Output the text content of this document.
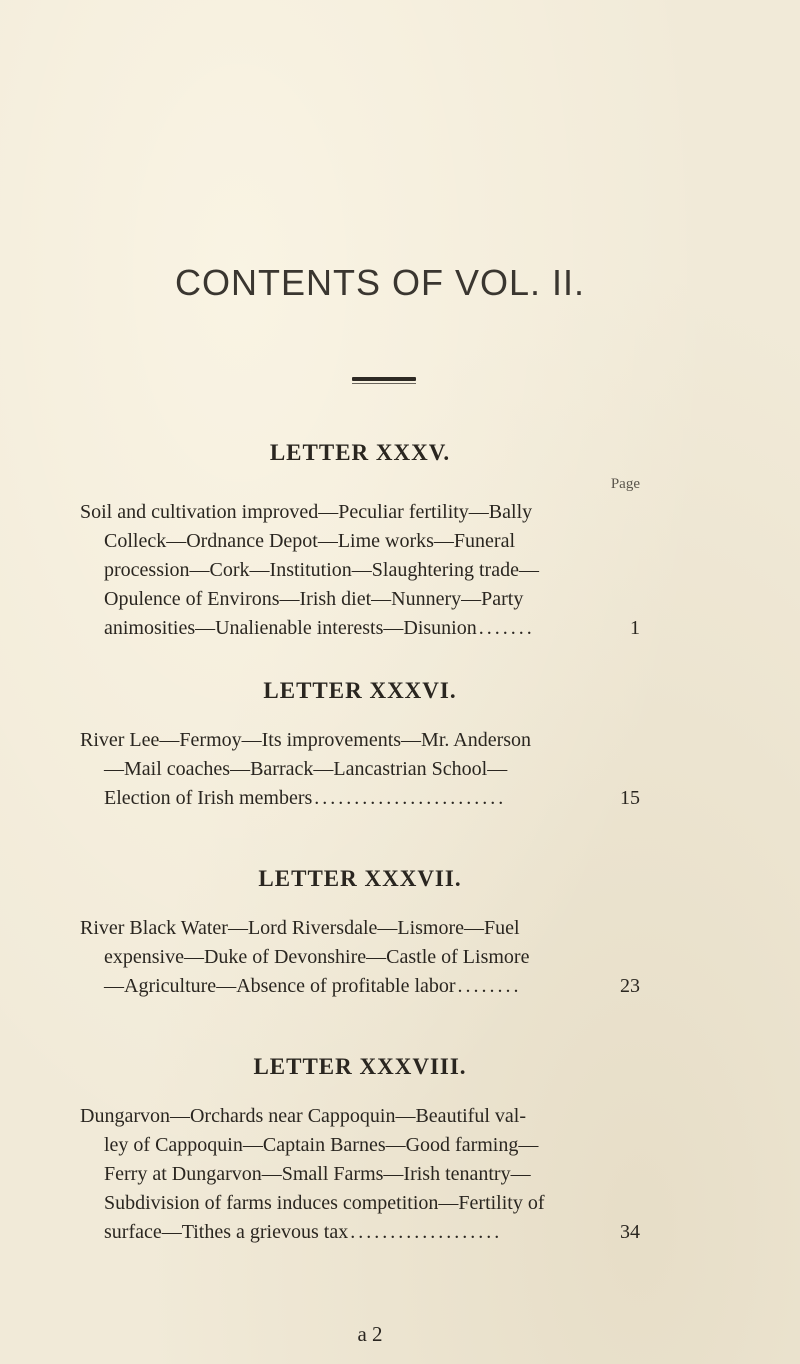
CONTENTS OF VOL. II.
LETTER XXXV.
Page
Soil and cultivation improved—Peculiar fertility—Bally
Colleck—Ordnance Depot—Lime works—Funeral
procession—Cork—Institution—Slaughtering trade—
Opulence of Environs—Irish diet—Nunnery—Party
animosities—Unalienable interests—Disunion .......	1
LETTER XXXVI.
River Lee—Fermoy—Its improvements—Mr. Anderson
—Mail coaches—Barrack—Lancastrian School—
Election of Irish members ........................	15
LETTER XXXVII.
River Black Water—Lord Riversdale—Lismore—Fuel
expensive—Duke of Devonshire—Castle of Lismore
—Agriculture—Absence of profitable labor ........	23
LETTER XXXVIII.
Dungarvon—Orchards near Cappoquin—Beautiful val-
ley of Cappoquin—Captain Barnes—Good farming—
Ferry at Dungarvon—Small Farms—Irish tenantry—
Subdivision of farms induces competition—Fertility of
surface—Tithes a grievous tax ...................	34
a 2
